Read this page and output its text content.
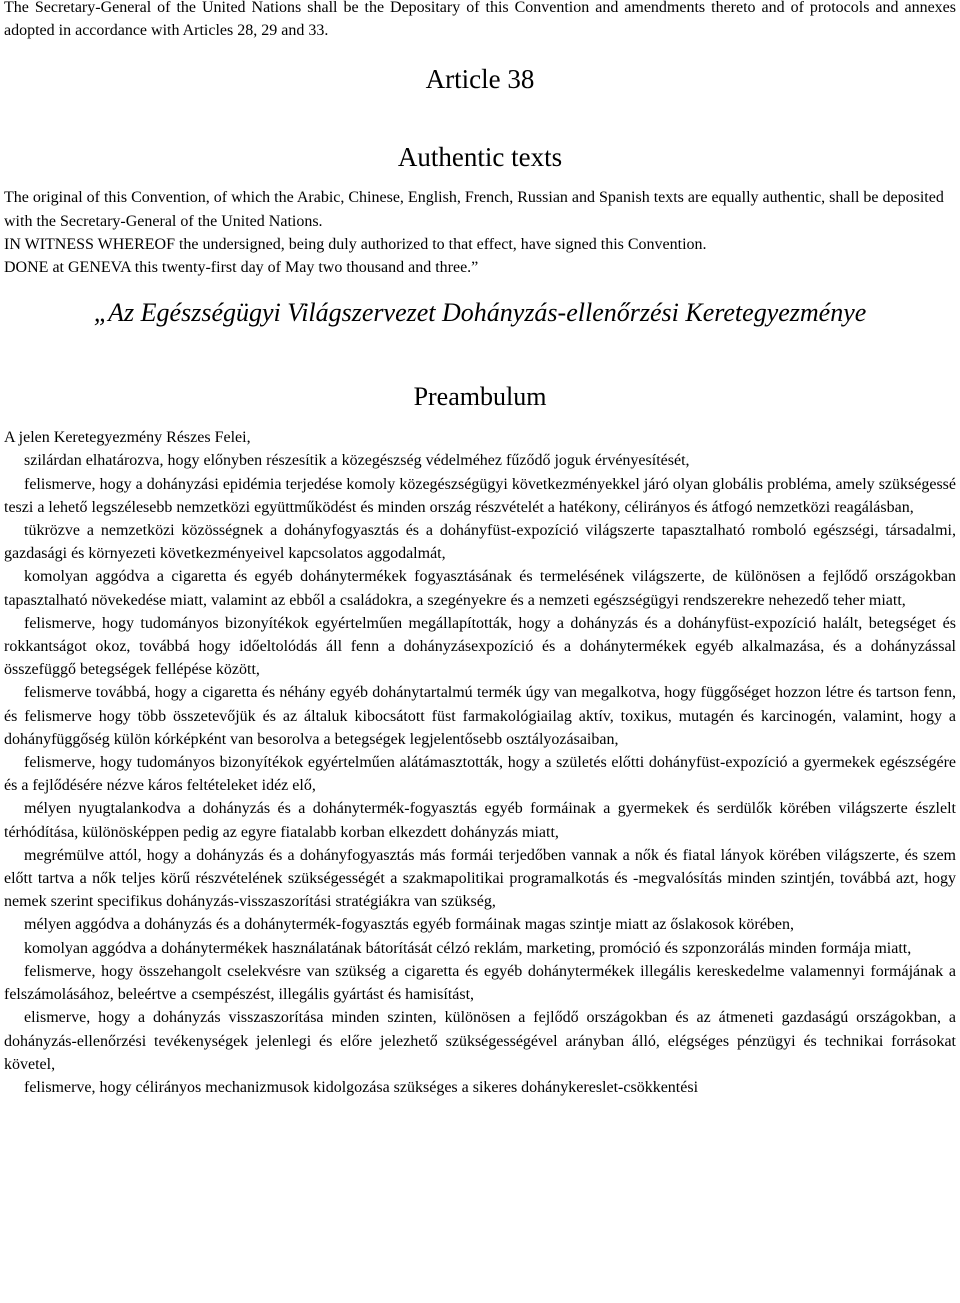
The Secretary-General of the United Nations shall be the Depositary of this Convention and amendments thereto and of protocols and annexes adopted in accordance with Articles 28, 29 and 33.

Article 38
Authentic texts

The original of this Convention, of which the Arabic, Chinese, English, French, Russian and Spanish texts are equally authentic, shall be deposited with the Secretary-General of the United Nations.

IN WITNESS WHEREOF the undersigned, being duly authorized to that effect, have signed this Convention.

DONE at GENEVA this twenty-first day of May two thousand and three.”

„Az Egészségügyi Világszervezet Dohányzás-ellenőrzési Keretegyezménye
Preambulum

A jelen Keretegyezmény Részes Felei,

szilárdan elhatározva, hogy előnyben részesítik a közegészség védelméhez fűződő joguk érvényesítését,

felismerve, hogy a dohányzási epidémia terjedése komoly közegészségügyi következményekkel járó olyan globális probléma, amely szükségessé teszi a lehető legszélesebb nemzetközi együttműködést és minden ország részvételét a hatékony, célirányos és átfogó nemzetközi reagálásban,

tükrözve a nemzetközi közösségnek a dohányfogyasztás és a dohányfüst-expozíció világszerte tapasztalható romboló egészségi, társadalmi, gazdasági és környezeti következményeivel kapcsolatos aggodalmát,

komolyan aggódva a cigaretta és egyéb dohánytermékek fogyasztásának és termelésének világszerte, de különösen a fejlődő országokban tapasztalható növekedése miatt, valamint az ebből a családokra, a szegényekre és a nemzeti egészségügyi rendszerekre nehezedő teher miatt,

felismerve, hogy tudományos bizonyítékok egyértelműen megállapították, hogy a dohányzás és a dohányfüst-expozíció halált, betegséget és rokkantságot okoz, továbbá hogy időeltolódás áll fenn a dohányzásexpozíció és a dohánytermékek egyéb alkalmazása, és a dohányzással összefüggő betegségek fellépése között,

felismerve továbbá, hogy a cigaretta és néhány egyéb dohánytartalmú termék úgy van megalkotva, hogy függőséget hozzon létre és tartson fenn, és felismerve hogy több összetevőjük és az általuk kibocsátott füst farmakológiailag aktív, toxikus, mutagén és karcinogén, valamint, hogy a dohányfüggőség külön kórképként van besorolva a betegségek legjelentősebb osztályozásaiban,

felismerve, hogy tudományos bizonyítékok egyértelműen alátámasztották, hogy a születés előtti dohányfüst-expozíció a gyermekek egészségére és a fejlődésére nézve káros feltételeket idéz elő,

mélyen nyugtalankodva a dohányzás és a dohánytermék-fogyasztás egyéb formáinak a gyermekek és serdülők körében világszerte észlelt térhódítása, különösképpen pedig az egyre fiatalabb korban elkezdett dohányzás miatt,

megrémülve attól, hogy a dohányzás és a dohányfogyasztás más formái terjedőben vannak a nők és fiatal lányok körében világszerte, és szem előtt tartva a nők teljes körű részvételének szükségességét a szakmapolitikai programalkotás és -megvalósítás minden szintjén, továbbá azt, hogy nemek szerint specifikus dohányzás-visszaszorítási stratégiákra van szükség,

mélyen aggódva a dohányzás és a dohánytermék-fogyasztás egyéb formáinak magas szintje miatt az őslakosok körében,

komolyan aggódva a dohánytermékek használatának bátorítását célzó reklám, marketing, promóció és szponzorálás minden formája miatt,

felismerve, hogy összehangolt cselekvésre van szükség a cigaretta és egyéb dohánytermékek illegális kereskedelme valamennyi formájának a felszámolásához, beleértve a csempészést, illegális gyártást és hamisítást,

elismerve, hogy a dohányzás visszaszorítása minden szinten, különösen a fejlődő országokban és az átmeneti gazdaságú országokban, a dohányzás-ellenőrzési tevékenységek jelenlegi és előre jelezhető szükségességével arányban álló, elégséges pénzügyi és technikai forrásokat követel,

felismerve, hogy célirányos mechanizmusok kidolgozása szükséges a sikeres dohánykereslet-csökkentési
